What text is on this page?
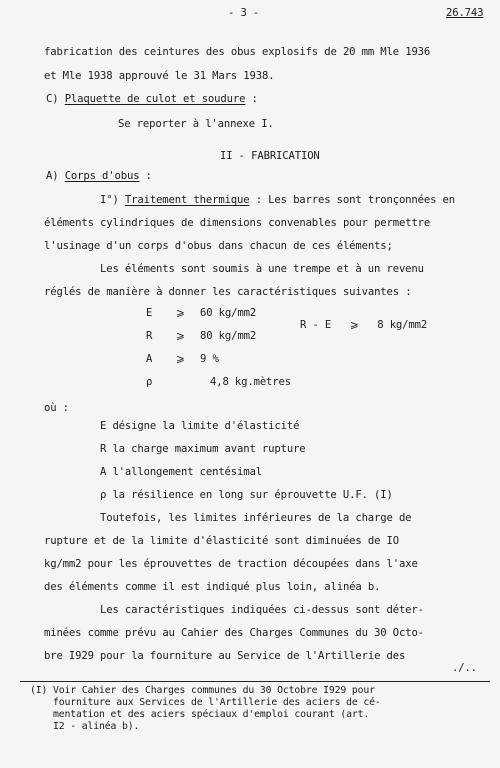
- 3 -	26.743
fabrication des ceintures des obus explosifs de 20 mm Mle 1936
et Mle 1938 approuvé le 31 Mars 1938.
C) Plaquette de culot et soudure :
Se reporter à l'annexe I.
II - FABRICATION
A) Corps d'obus :
I°) Traitement thermique : Les barres sont tronçonnées en
éléments cylindriques de dimensions convenables pour permettre
l'usinage d'un corps d'obus dans chacun de ces éléments;
Les éléments sont soumis à une trempe et à un revenu
réglés de manière à donner les caractéristiques suivantes :
E ⩾ 60 kg/mm2
R ⩾ 80 kg/mm2
A ⩾ 9 %
ρ	4,8 kg.mètres
R - E   ⩾   8 kg/mm2
où :
E désigne la limite d'élasticité
R la charge maximum avant rupture
A l'allongement centésimal
ρ la résilience en long sur éprouvette U.F. (I)
Toutefois, les limites inférieures de la charge de
rupture et de la limite d'élasticité sont diminuées de IO
kg/mm2 pour les éprouvettes de traction découpées dans l'axe
des éléments comme il est indiqué plus loin, alinéa b.
Les caractéristiques indiquées ci-dessus sont déter-
minées comme prévu au Cahier des Charges Communes du 30 Octo-
bre I929 pour la fourniture au Service de l'Artillerie des
./..
(I) Voir Cahier des Charges communes du 30 Octobre I929 pour
fourniture aux Services de l'Artillerie des aciers de cé-
mentation et des aciers spéciaux d'emploi courant (art.
I2 - alinéa b).
